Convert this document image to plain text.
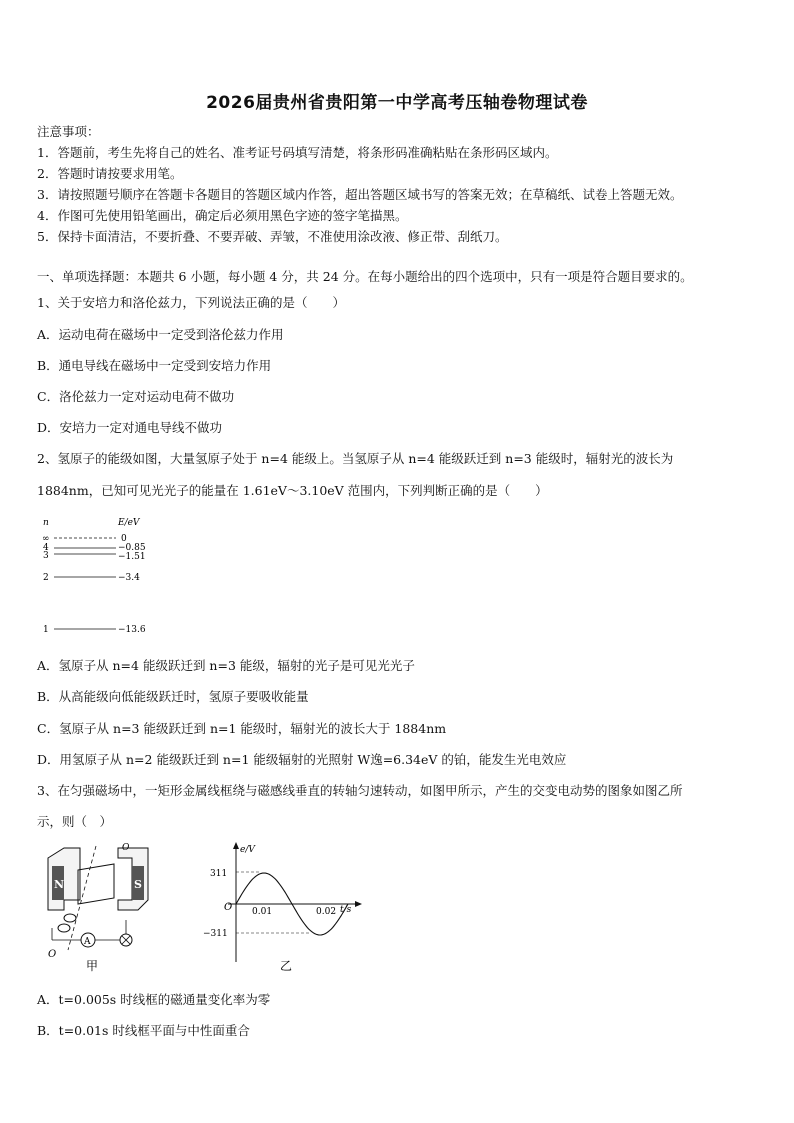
2026届贵州省贵阳第一中学高考压轴卷物理试卷
注意事项：
1．答题前，考生先将自己的姓名、准考证号码填写清楚，将条形码准确粘贴在条形码区域内。
2．答题时请按要求用笔。
3．请按照题号顺序在答题卡各题目的答题区域内作答，超出答题区域书写的答案无效；在草稿纸、试卷上答题无效。
4．作图可先使用铅笔画出，确定后必须用黑色字迹的签字笔描黑。
5．保持卡面清洁，不要折叠、不要弄破、弄皱，不准使用涂改液、修正带、刮纸刀。
一、单项选择题：本题共 6 小题，每小题 4 分，共 24 分。在每小题给出的四个选项中，只有一项是符合题目要求的。
1、关于安培力和洛伦兹力，下列说法正确的是（　　）
A．运动电荷在磁场中一定受到洛伦兹力作用
B．通电导线在磁场中一定受到安培力作用
C．洛伦兹力一定对运动电荷不做功
D．安培力一定对通电导线不做功
2、氢原子的能级如图，大量氢原子处于 n=4 能级上。当氢原子从 n=4 能级跃迁到 n=3 能级时，辐射光的波长为
1884nm，已知可见光光子的能量在 1.61eV～3.10eV 范围内，下列判断正确的是（　　）
n	E/eV
∞
4
3
2
1
0
−0.85
−1.51
−3.4
−13.6
A．氢原子从 n=4 能级跃迁到 n=3 能级，辐射的光子是可见光光子
B．从高能级向低能级跃迁时，氢原子要吸收能量
C．氢原子从 n=3 能级跃迁到 n=1 能级时，辐射光的波长大于 1884nm
D．用氢原子从 n=2 能级跃迁到 n=1 能级辐射的光照射 W逸=6.34eV 的铂，能发生光电效应
3、在匀强磁场中，一矩形金属线框绕与磁感线垂直的转轴匀速转动，如图甲所示，产生的交变电动势的图象如图乙所
示，则（　）
N	S
O
A
O
甲
e/V
t/s
O
311
−311
0.01	0.02
乙
A．t=0.005s 时线框的磁通量变化率为零
B．t=0.01s 时线框平面与中性面重合
